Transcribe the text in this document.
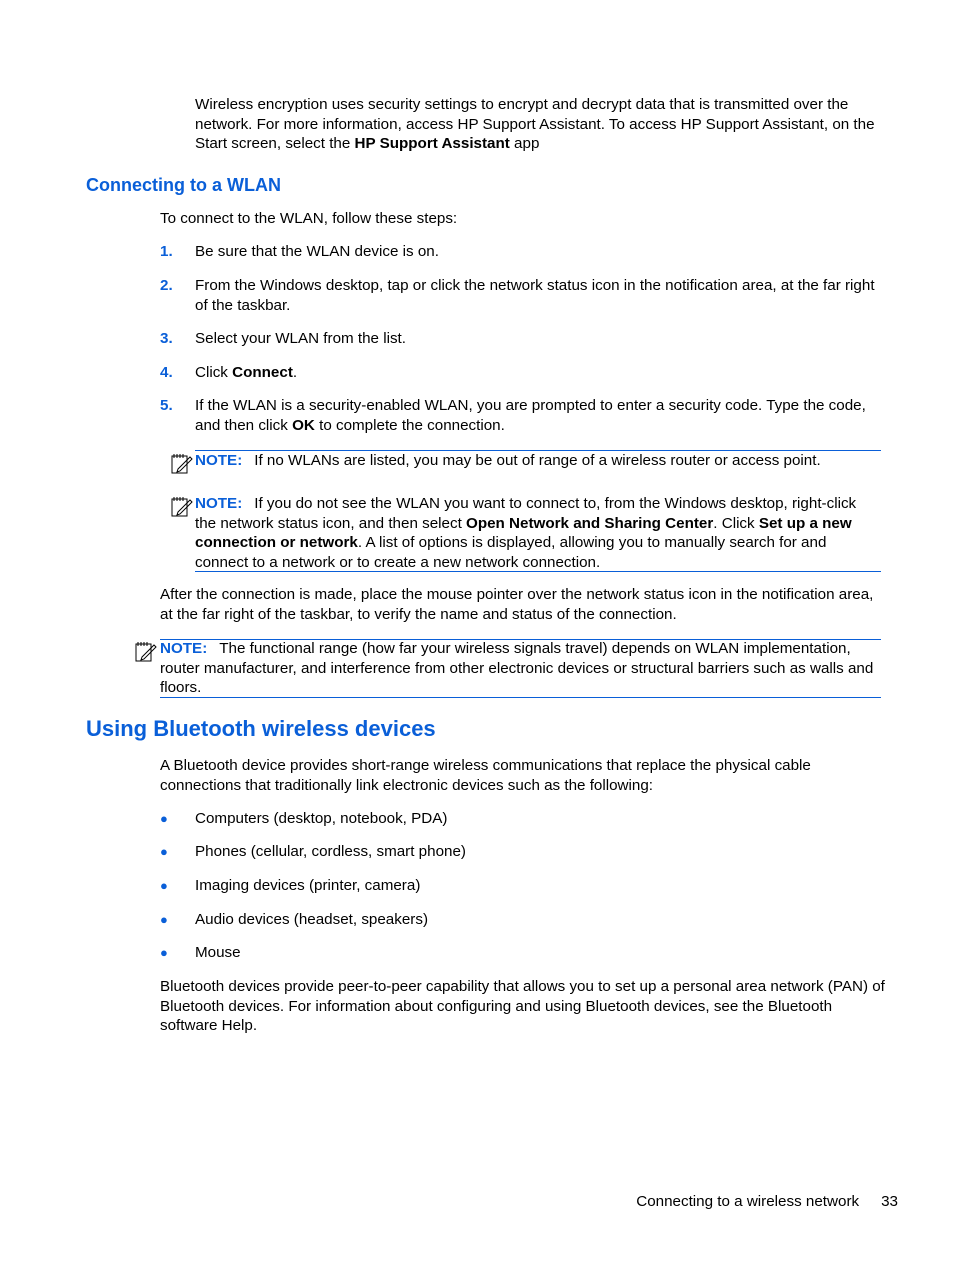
Wireless encryption uses security settings to encrypt and decrypt data that is transmitted over the network. For more information, access HP Support Assistant. To access HP Support Assistant, on the Start screen, select the HP Support Assistant app

Connecting to a WLAN

To connect to the WLAN, follow these steps:

1. Be sure that the WLAN device is on.
2. From the Windows desktop, tap or click the network status icon in the notification area, at the far right of the taskbar.
3. Select your WLAN from the list.
4. Click Connect.
5. If the WLAN is a security-enabled WLAN, you are prompted to enter a security code. Type the code, and then click OK to complete the connection.

NOTE: If no WLANs are listed, you may be out of range of a wireless router or access point.

NOTE: If you do not see the WLAN you want to connect to, from the Windows desktop, right-click the network status icon, and then select Open Network and Sharing Center. Click Set up a new connection or network. A list of options is displayed, allowing you to manually search for and connect to a network or to create a new network connection.

After the connection is made, place the mouse pointer over the network status icon in the notification area, at the far right of the taskbar, to verify the name and status of the connection.

NOTE: The functional range (how far your wireless signals travel) depends on WLAN implementation, router manufacturer, and interference from other electronic devices or structural barriers such as walls and floors.

Using Bluetooth wireless devices

A Bluetooth device provides short-range wireless communications that replace the physical cable connections that traditionally link electronic devices such as the following:

● Computers (desktop, notebook, PDA)
● Phones (cellular, cordless, smart phone)
● Imaging devices (printer, camera)
● Audio devices (headset, speakers)
● Mouse

Bluetooth devices provide peer-to-peer capability that allows you to set up a personal area network (PAN) of Bluetooth devices. For information about configuring and using Bluetooth devices, see the Bluetooth software Help.

Connecting to a wireless network 33
